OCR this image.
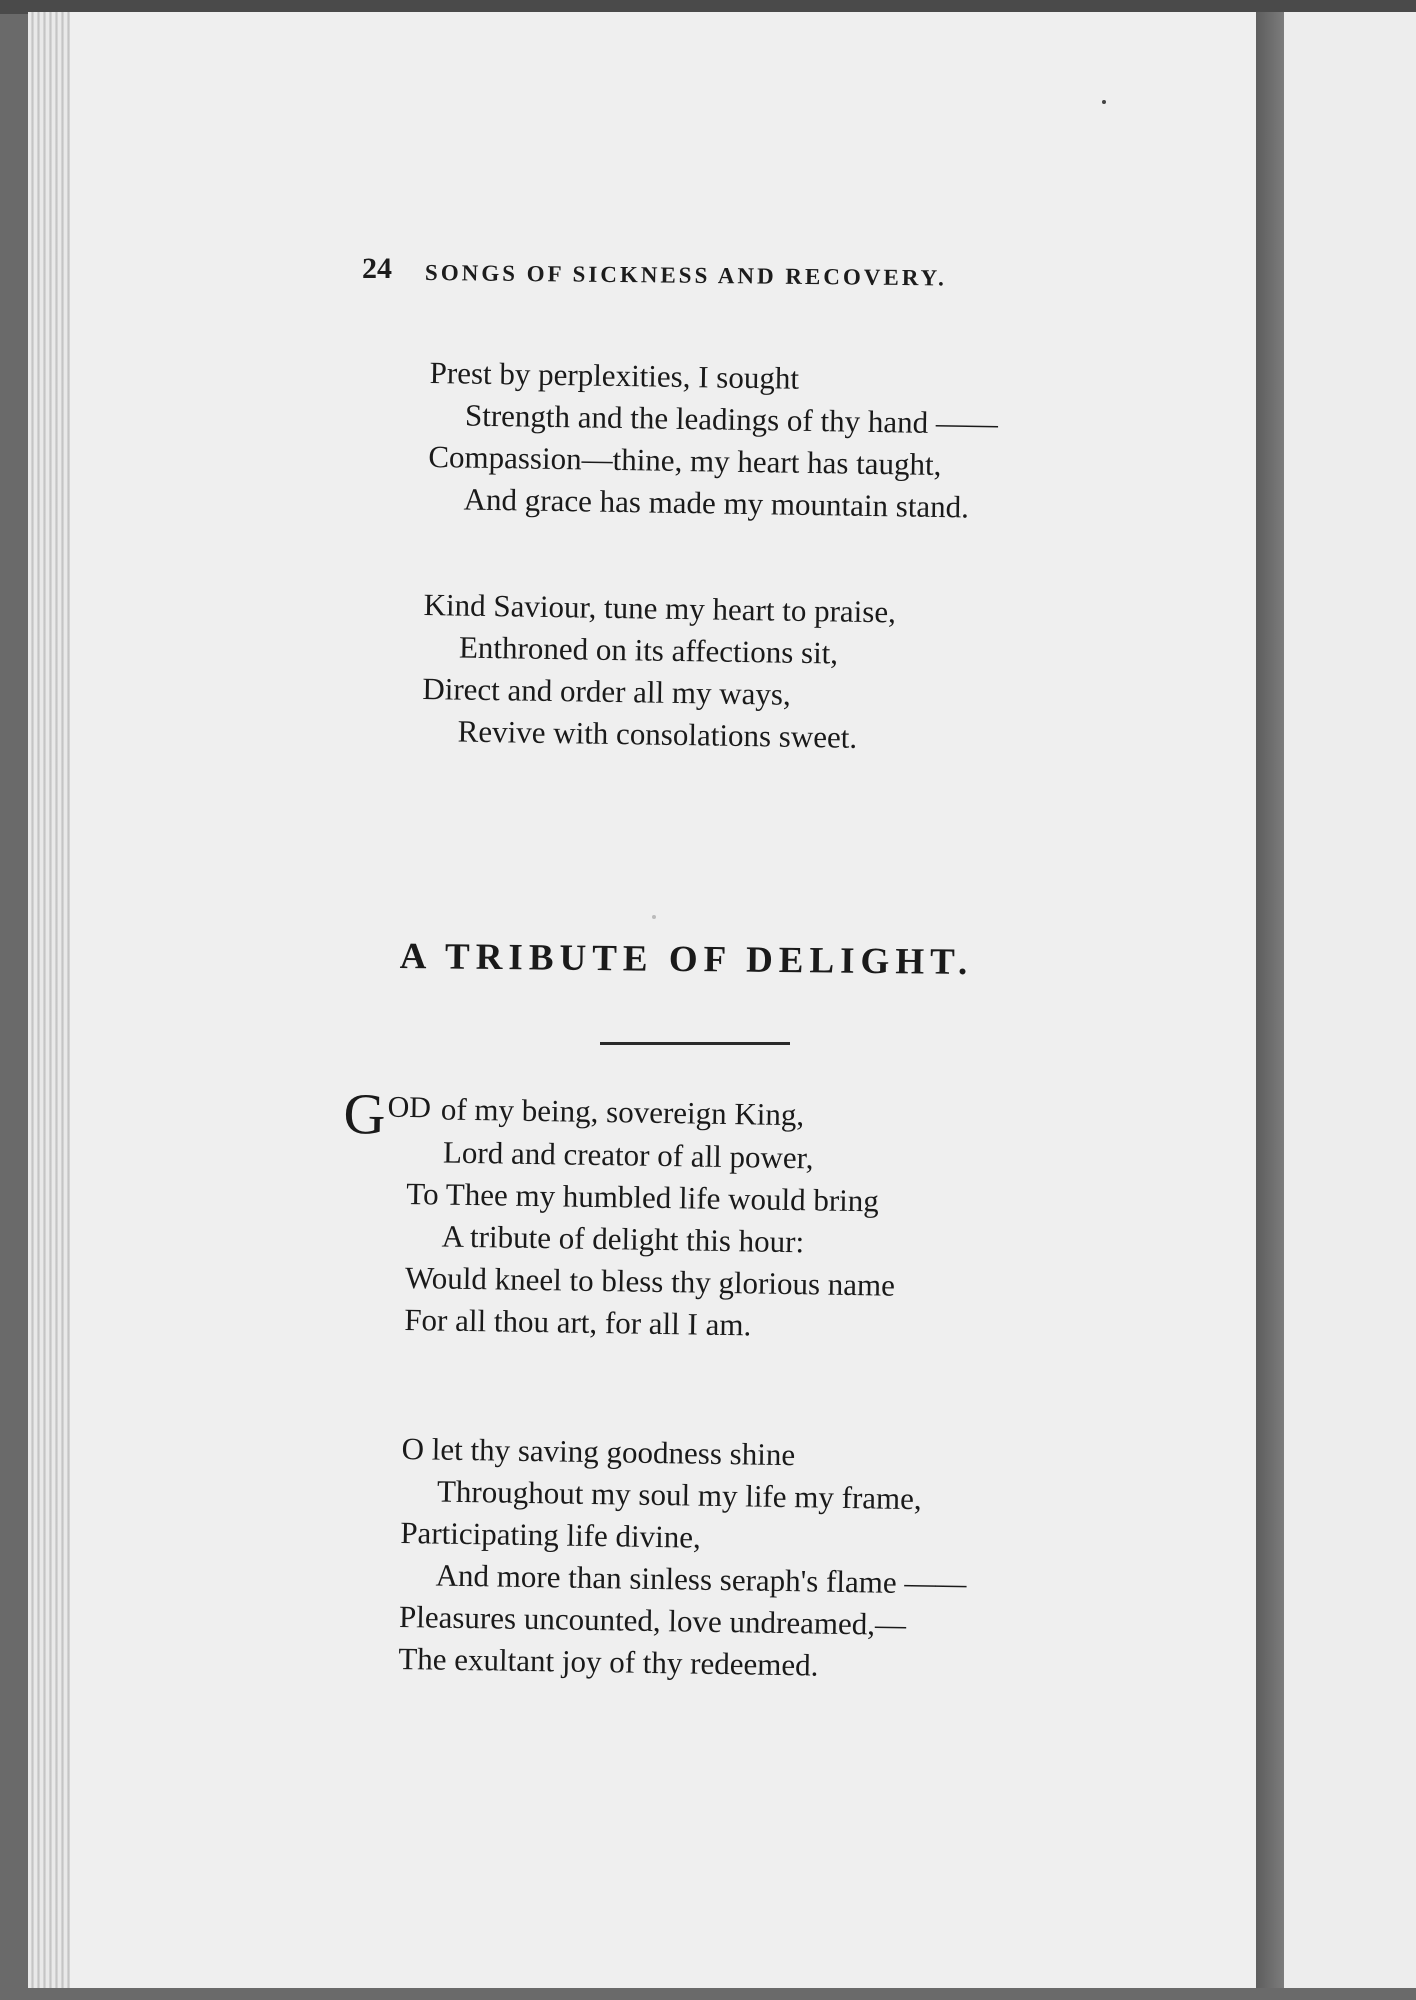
24 SONGS OF SICKNESS AND RECOVERY.
Prest by perplexities, I sought
Strength and the leadings of thy hand ——
Compassion—thine, my heart has taught,
And grace has made my mountain stand.
Kind Saviour, tune my heart to praise,
Enthroned on its affections sit,
Direct and order all my ways,
Revive with consolations sweet.
A TRIBUTE OF DELIGHT.
GOD of my being, sovereign King,
Lord and creator of all power,
To Thee my humbled life would bring
A tribute of delight this hour:
Would kneel to bless thy glorious name
For all thou art, for all I am.
O let thy saving goodness shine
Throughout my soul my life my frame,
Participating life divine,
And more than sinless seraph's flame ——
Pleasures uncounted, love undreamed,—
The exultant joy of thy redeemed.
